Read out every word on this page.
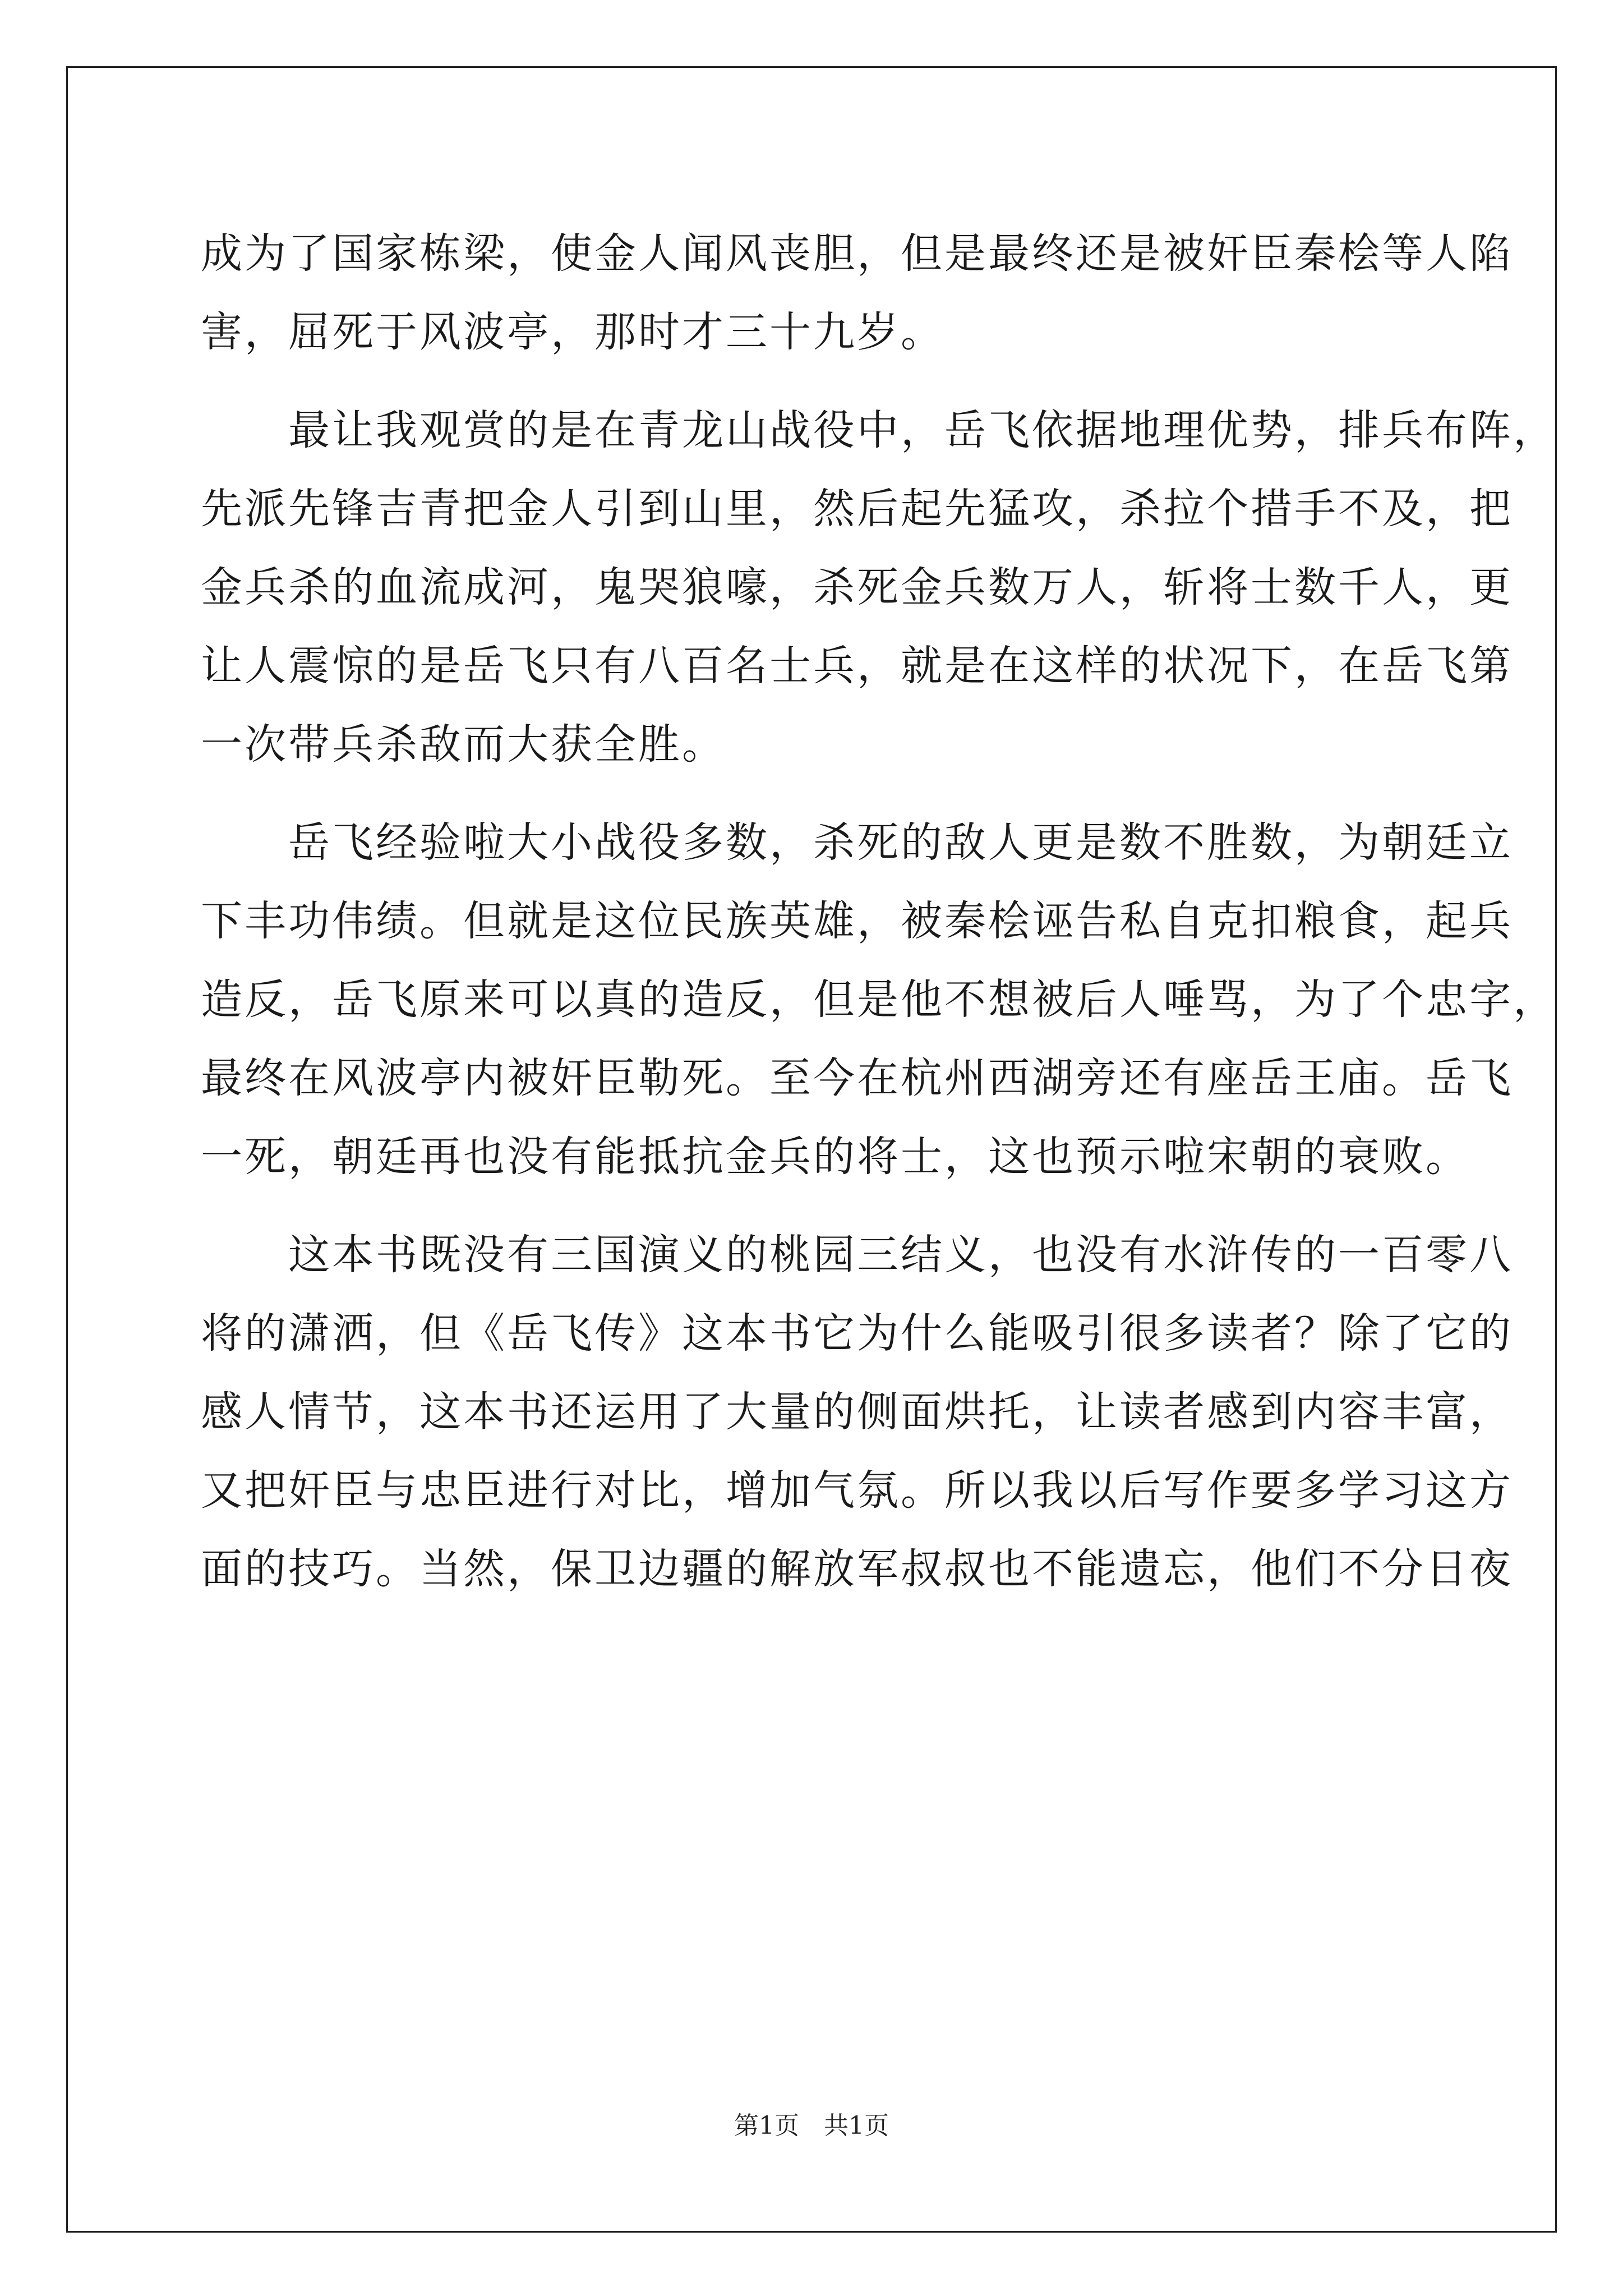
成为了国家栋梁，使金人闻风丧胆，但是最终还是被奸臣秦桧等人陷
害，屈死于风波亭，那时才三十九岁。
　　最让我观赏的是在青龙山战役中，岳飞依据地理优势，排兵布阵，
先派先锋吉青把金人引到山里，然后起先猛攻，杀拉个措手不及，把
金兵杀的血流成河，鬼哭狼嚎，杀死金兵数万人，斩将士数千人，更
让人震惊的是岳飞只有八百名士兵，就是在这样的状况下，在岳飞第
一次带兵杀敌而大获全胜。
　　岳飞经验啦大小战役多数，杀死的敌人更是数不胜数，为朝廷立
下丰功伟绩。但就是这位民族英雄，被秦桧诬告私自克扣粮食，起兵
造反，岳飞原来可以真的造反，但是他不想被后人唾骂，为了个忠字，
最终在风波亭内被奸臣勒死。至今在杭州西湖旁还有座岳王庙。岳飞
一死，朝廷再也没有能抵抗金兵的将士，这也预示啦宋朝的衰败。
　　这本书既没有三国演义的桃园三结义，也没有水浒传的一百零八
将的潇洒，但《岳飞传》这本书它为什么能吸引很多读者？除了它的
感人情节，这本书还运用了大量的侧面烘托，让读者感到内容丰富，
又把奸臣与忠臣进行对比，增加气氛。所以我以后写作要多学习这方
面的技巧。当然，保卫边疆的解放军叔叔也不能遗忘，他们不分日夜
第1页　共1页
